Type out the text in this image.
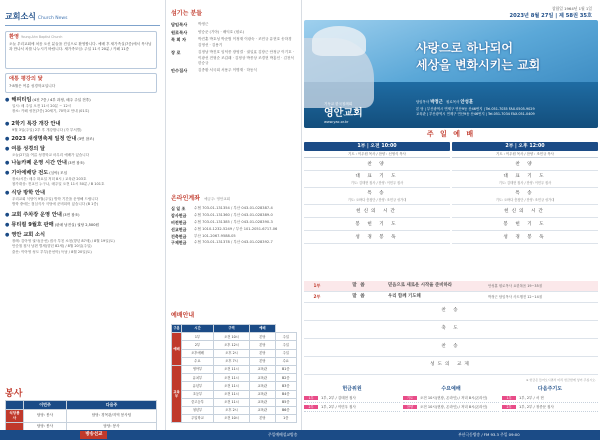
교회소식 Church News
환영 Young-Ahn Baptist Church
오늘 우리교회에 처음 오신 분들을 진심으로 환영합니다. 예배 후 새가족실(7층)에서 목사님과 만나서 차를 나누시기 바랍니다. 새가족모임: 주일 11시 20분 / 카페 11층
애통 평강의 닻
7·8월은 여름 성경학교입니다
● 해피티임 (4천 7층 / 4부 과정, 매주 주일 전후)
일시: 매 주일 오전 11시 20분 ~ 12시
장소: 카페 성전(7층) 20세기, 70학교 안내 (01호)
● 2학기 특강 개강 안내
9월 3일(주일) 2부 후 개강합니다 (각 부서별)
● 2023 새생명축제 일정 안내 (3면 참조)
● 여름 성경의 달
오늘(27일) 여름 성경학교 마무리 예배가 있습니다
● 나눔카페 운영 시간 안내 (3면 참조)
● 기아에배당 전도 (심야) 모임
장소/시간: 매주 화요일 저녁 8시 / 교육관 203호
참가대상: 전교인 누구나, 매주일 오전 11시 50분 / B 101호
● 식당 방학 안내
우리교회 식당이 9월(주일) 방학 기간을 운영해 드립니다
방학 중에는 점심식사 식당에 준비되어 있습니다 (B 1층)
● 교회 주차장 운영 안내 (3면 참조)
● 뮤티컬 9월호 판매 (판매 남전실) 권당 2,500원
● 영안 교회 소식
장례: 김아영 권사(공선) 집사 부친 소천(향년 87세) / 8월 19일(토)
안순철 집사 남편 별세(향년 82세) / 8월 20일(주일)
출산: 이아영 성도 부부(문선아) 득남 / 8월 20일(토)
봉사
	이번주	다음주
식당봉사	담당: 봉사	담당: 경목관/지역 봉사팀
	담당: 봉사	담당: 봉사
섬기는 분들
담임목사	박정근
원로목사	양승준 (기아) · 배익호 (원로)
목 회 자	박진훈 박호성 박준범 이정재 이광숙 · 조민규 유현호 송하경 김영선 · 김용기
장 로	김정남 박진호 임덕종 장영결 · 권일효 김장근 안정규 이기호 · 이광선 전형순 조갑래 · 김정상 박종상 조경현 박홍인 · 김천석 한승규
안수집사	김종환 서국희 서용주 이병재 · 하동식
온라인계좌 예금주: 영안교회
십 일 조	수협 703-01-131354 / 부산 043-01-028387-4
감사헌금	수협 703-01-131360 / 부산 043-01-028389-0
비전헌금	수협 703-01-131385 / 부산 043-01-028390-3
선교헌금	수협 1010-1232-5249 / 부산 101-2051-6717-06
건축헌금	부산 101-2067-9588-05
구제헌금	수협 703-01-131378 / 부산 043-01-028392-7
예배안내
구분	시간	구역	예배	
예배	1부	오전 10시	본당	주일
	2부	오후 12시	본당	주일
	오후예배	오후 2시	본당	주일
	수요	오후 7시	본당	수요
교육부	영아부	오전 11시	교육관	B1층
	유치부	오전 11시	교육관	B2층
	유년부	오전 11시	교육관	B3층
	초등부	오전 11시	교육관	B4층
	중고등부	오전 11시	교육관	B5층
	청년부	오후 2시	교육관	B6층
	주일학교	오전 10시	본당	1층
창립일 1964년 1월 1일
2023년 8월 27일 | 제 58권 35호
사랑으로 하나되어
세상을 변화시키는 교회
기독교 한국침례회
영안교회
www.yac.or.kr
담임목사 박정근 원로목사 안성훈
본 당 | 부산광역시 연제구 연산9동 산46번지 | Tel.051-7035 FAX.0505-9029
교육관 | 부산광역시 연제구 연산9동 산46번지 | Tel.051-7034 FAX.051-0409
주 일 예 배
1부 | 오전 10:00
기도 : 이우원 목사 / 찬양 : 신영식 목사
찬 양
대 표 기 도
기도: 김태현 집사 / 찬양: 이민우 집사
특 송
기도: 오바다 총청단 / 찬양: 조민규 성가대
헌신의 시간
봉 헌 기 도
성 경 봉 독
2부 | 오후 12:00
기도 : 이우원 목사 / 찬양 : 조민규 목사
찬 양
대 표 기 도
기도: 김태현 집사 / 찬양: 이민우 집사
특 송
기도: 오바다 총청단 / 찬양: 조민규 성가대
헌신의 시간
봉 헌 기 도
성 경 봉 독
1부	말 씀	믿음으로 새로운 시작을 준비하라	안성훈 원로목사 요한복음 19~35절
2부	말 씀	우리 함께 기도해	박정근 담임목사 사도행전 12~14절
찬 송
축 도
찬 송
성도의 교제
※ 헌금은 들어오시면서 미리 헌금함에 넣어 주십시오.
헌금위원
1부	1부, 2부 / 김태현 집사
2부	1부, 2부 / 이민우 집사
수요예배
기도	오전 10시(현장, 온라인) / 저녁 8시(온라인)
찬양	오전 10시(현장, 온라인) / 저녁 8시(온라인)
다음주기도
1부	1부, 2부 / 서 현
2부	1부, 2부 / 정종문 집사
방송선교	주일예배설교방송	부산극동방송 / FM 93.3 주일 09:00
